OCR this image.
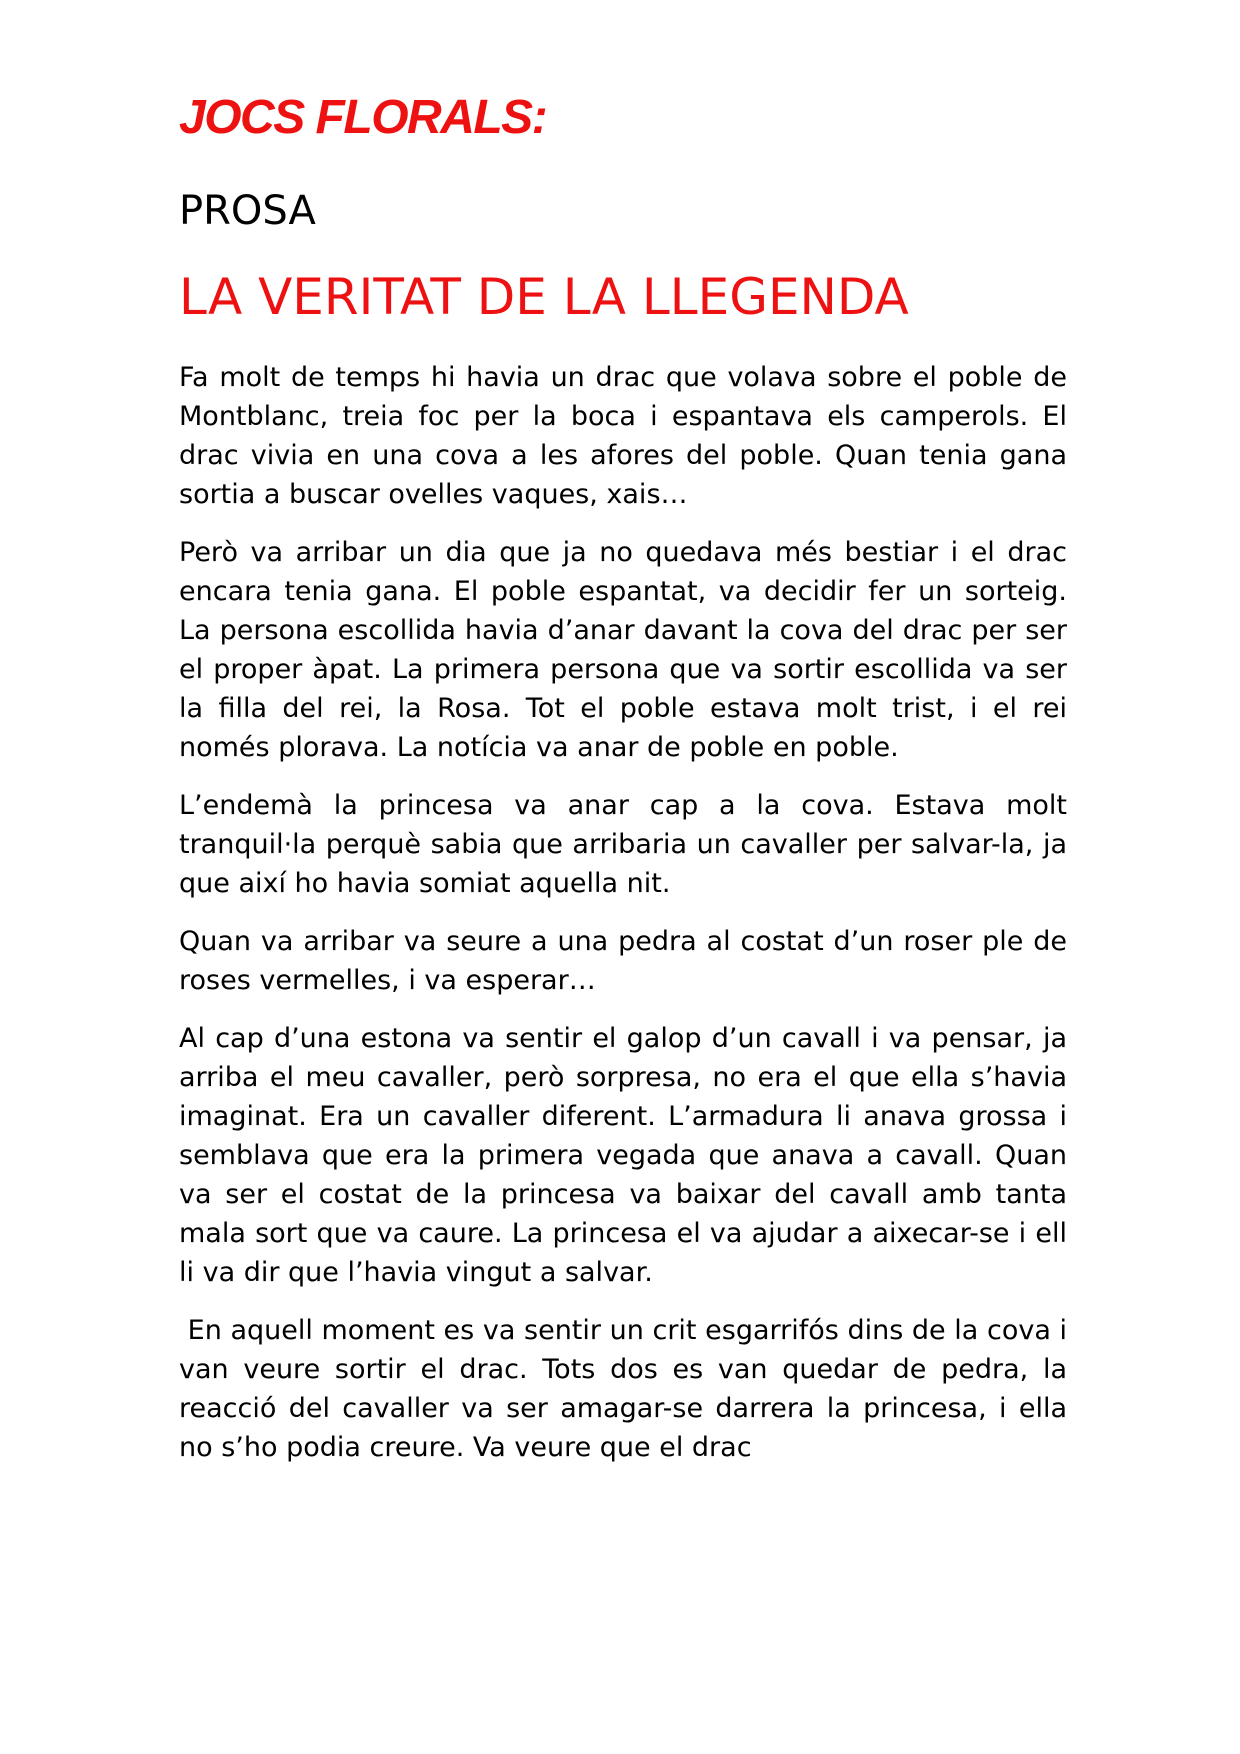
JOCS FLORALS:
PROSA
LA VERITAT DE LA LLEGENDA

Fa molt de temps hi havia un drac que volava sobre el poble de Montblanc, treia foc per la boca i espantava els camperols. El drac vivia en una cova a les afores del poble. Quan tenia gana sortia a buscar ovelles vaques, xais…

Però va arribar un dia que ja no quedava més bestiar i el drac encara tenia gana. El poble espantat, va decidir fer un sorteig. La persona escollida havia d’anar davant la cova del drac per ser el proper àpat. La primera persona que va sortir escollida va ser la filla del rei, la Rosa. Tot el poble estava molt trist, i el rei només plorava. La notícia va anar de poble en poble.

L’endemà la princesa va anar cap a la cova. Estava molt tranquil·la perquè sabia que arribaria un cavaller per salvar-la, ja que així ho havia somiat aquella nit.

Quan va arribar va seure a una pedra al costat d’un roser ple de roses vermelles, i va esperar…

Al cap d’una estona va sentir el galop d’un cavall i va pensar, ja arriba el meu cavaller, però sorpresa, no era el que ella s’havia imaginat. Era un cavaller diferent. L’armadura li anava grossa i semblava que era la primera vegada que anava a cavall. Quan va ser el costat de la princesa va baixar del cavall amb tanta mala sort que va caure. La princesa el va ajudar a aixecar-se i ell li va dir que l’havia vingut a salvar.

En aquell moment es va sentir un crit esgarrifós dins de la cova i van veure sortir el drac. Tots dos es van quedar de pedra, la reacció del cavaller va ser amagar-se darrera la princesa, i ella no s’ho podia creure. Va veure que el drac
